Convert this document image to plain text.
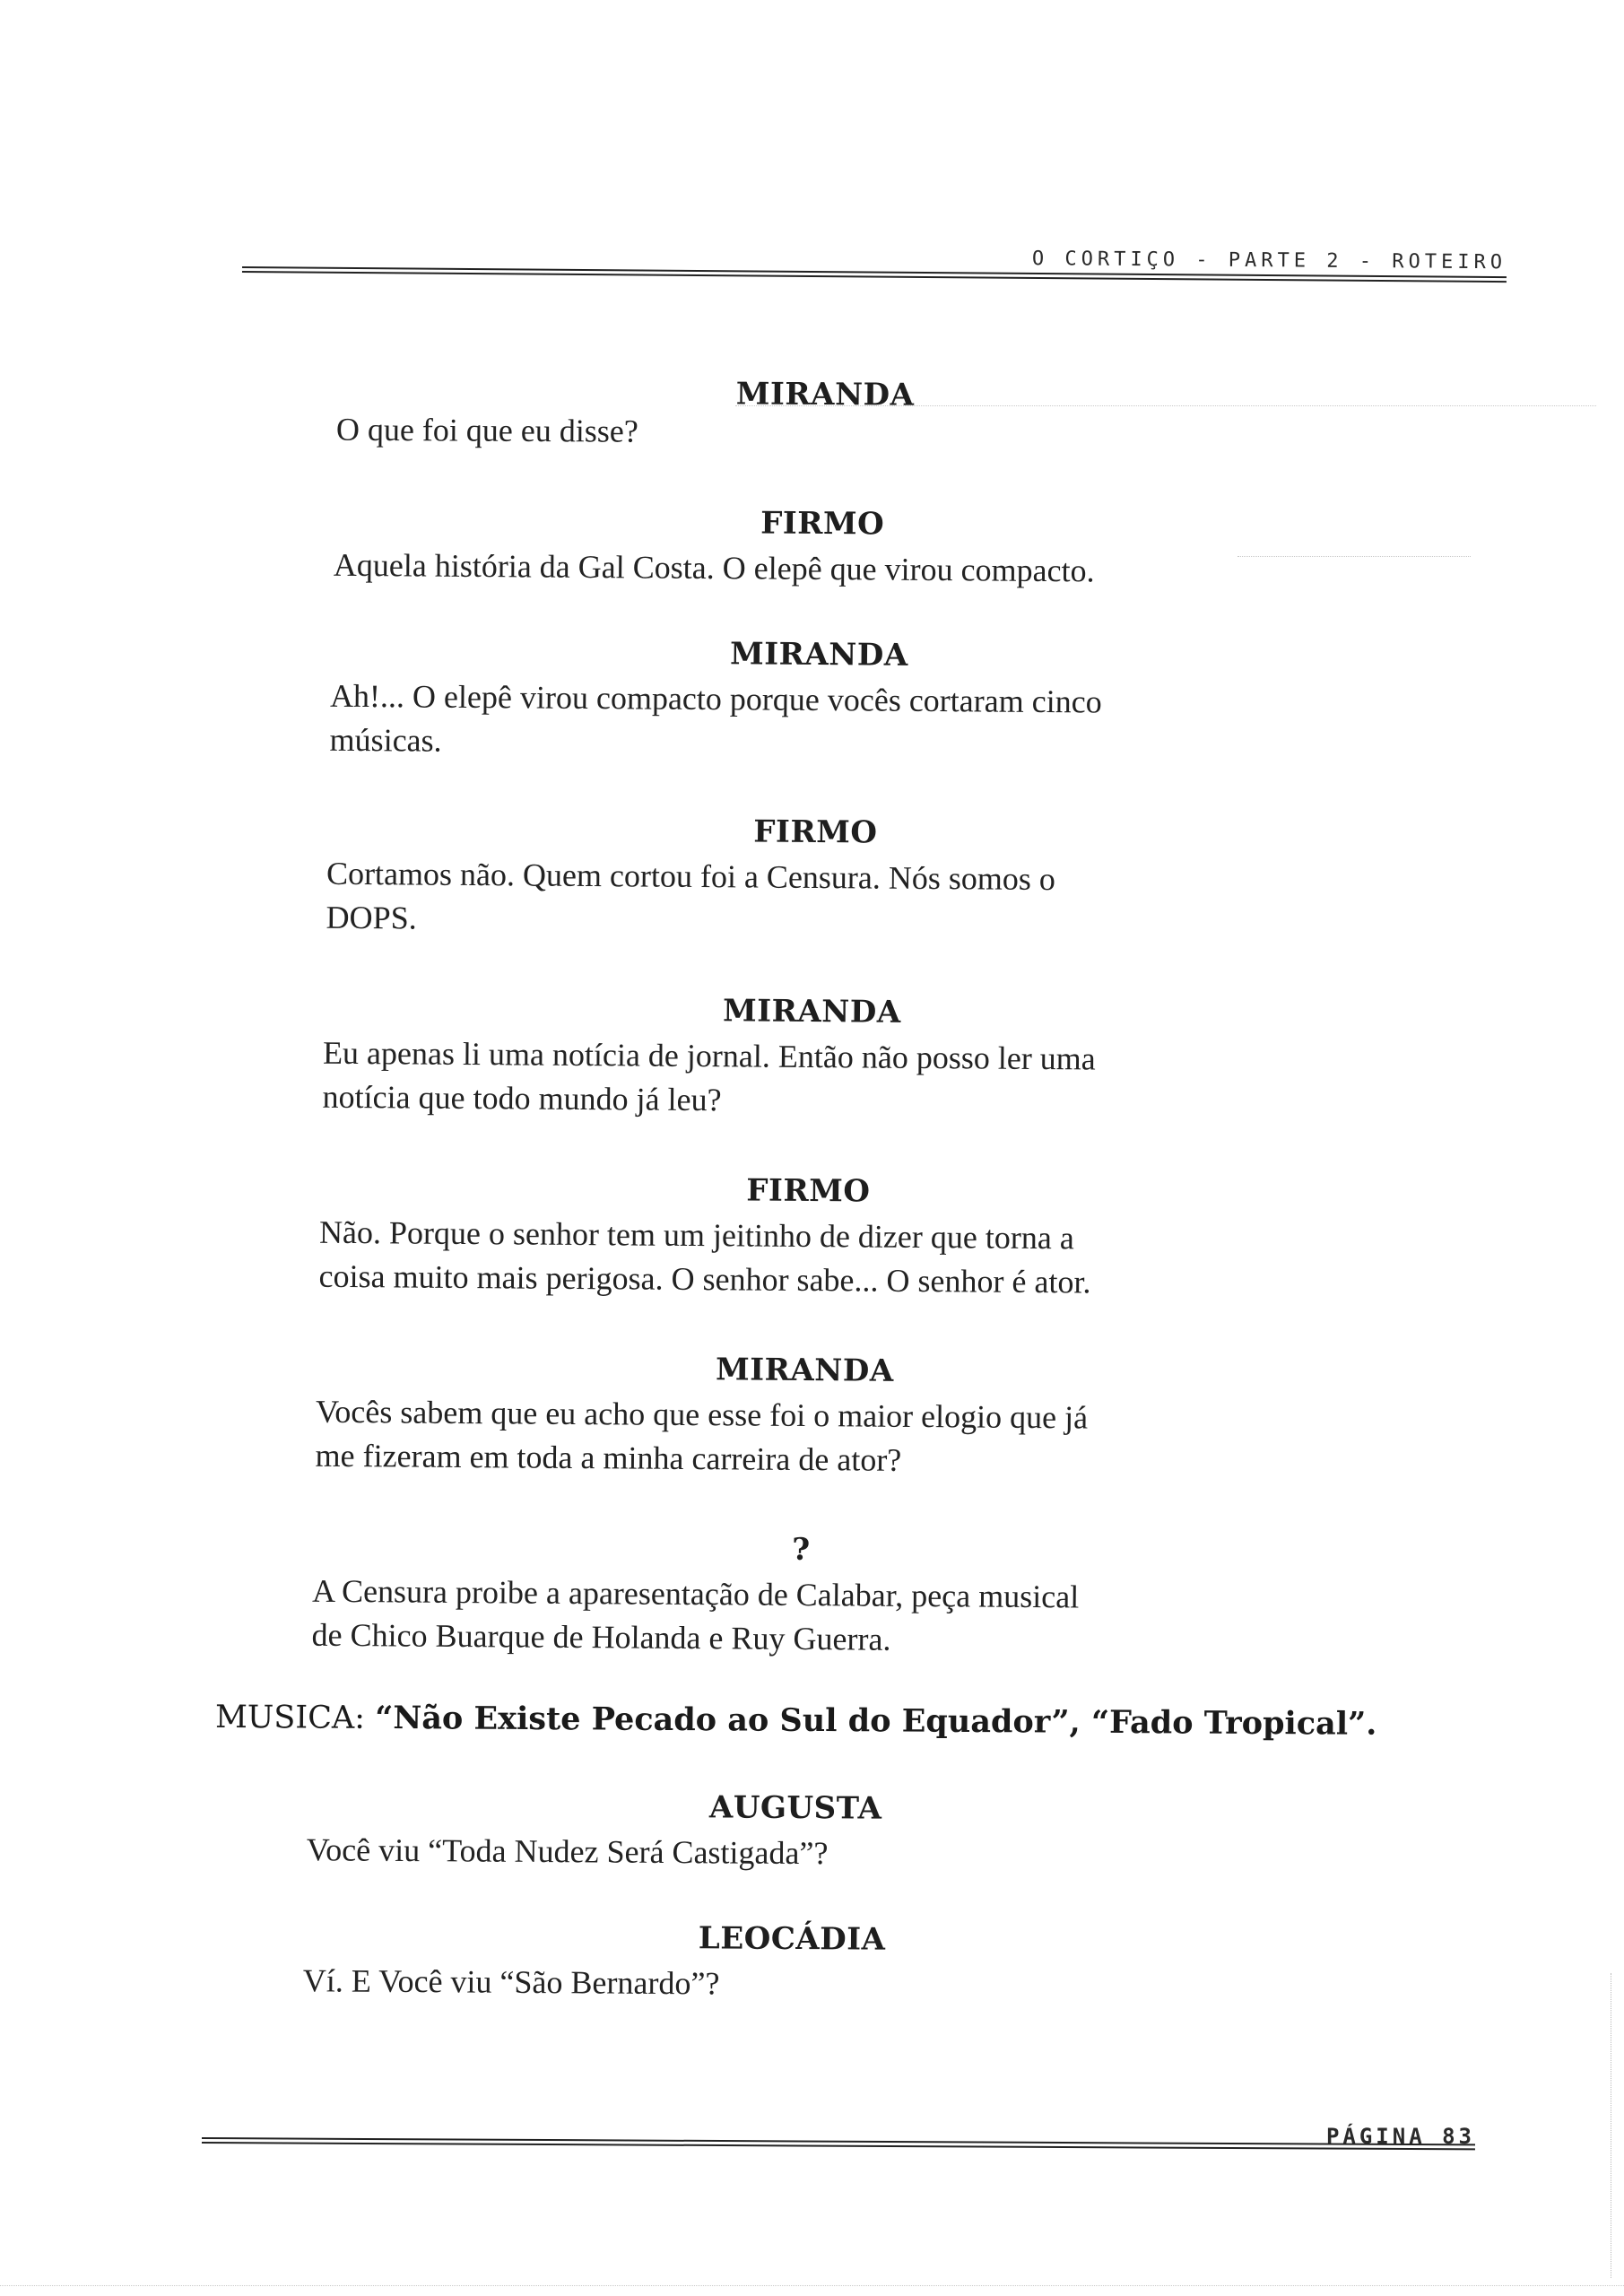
O CORTIÇO - PARTE 2 - ROTEIRO
MIRANDA

O que foi que eu disse?

FIRMO

Aquela história da Gal Costa. O elepê que virou compacto.

MIRANDA

Ah!... O elepê virou compacto porque vocês cortaram cinco

músicas.

FIRMO

Cortamos não. Quem cortou foi a Censura. Nós somos o

DOPS.

MIRANDA

Eu apenas li uma notícia de jornal. Então não posso ler uma

notícia que todo mundo já leu?

FIRMO

Não. Porque o senhor tem um jeitinho de dizer que torna a

coisa muito mais perigosa. O senhor sabe... O senhor é ator.

MIRANDA

Vocês sabem que eu acho que esse foi o maior elogio que já

me fizeram em toda a minha carreira de ator?

?

A Censura proibe a aparesentação de Calabar, peça musical

de Chico Buarque de Holanda e Ruy Guerra.

MUSICA: “Não Existe Pecado ao Sul do Equador”, “Fado Tropical”.
AUGUSTA

Você viu “Toda Nudez Será Castigada”?

LEOCÁDIA

Ví. E Você viu “São Bernardo”?

PÁGINA 83
